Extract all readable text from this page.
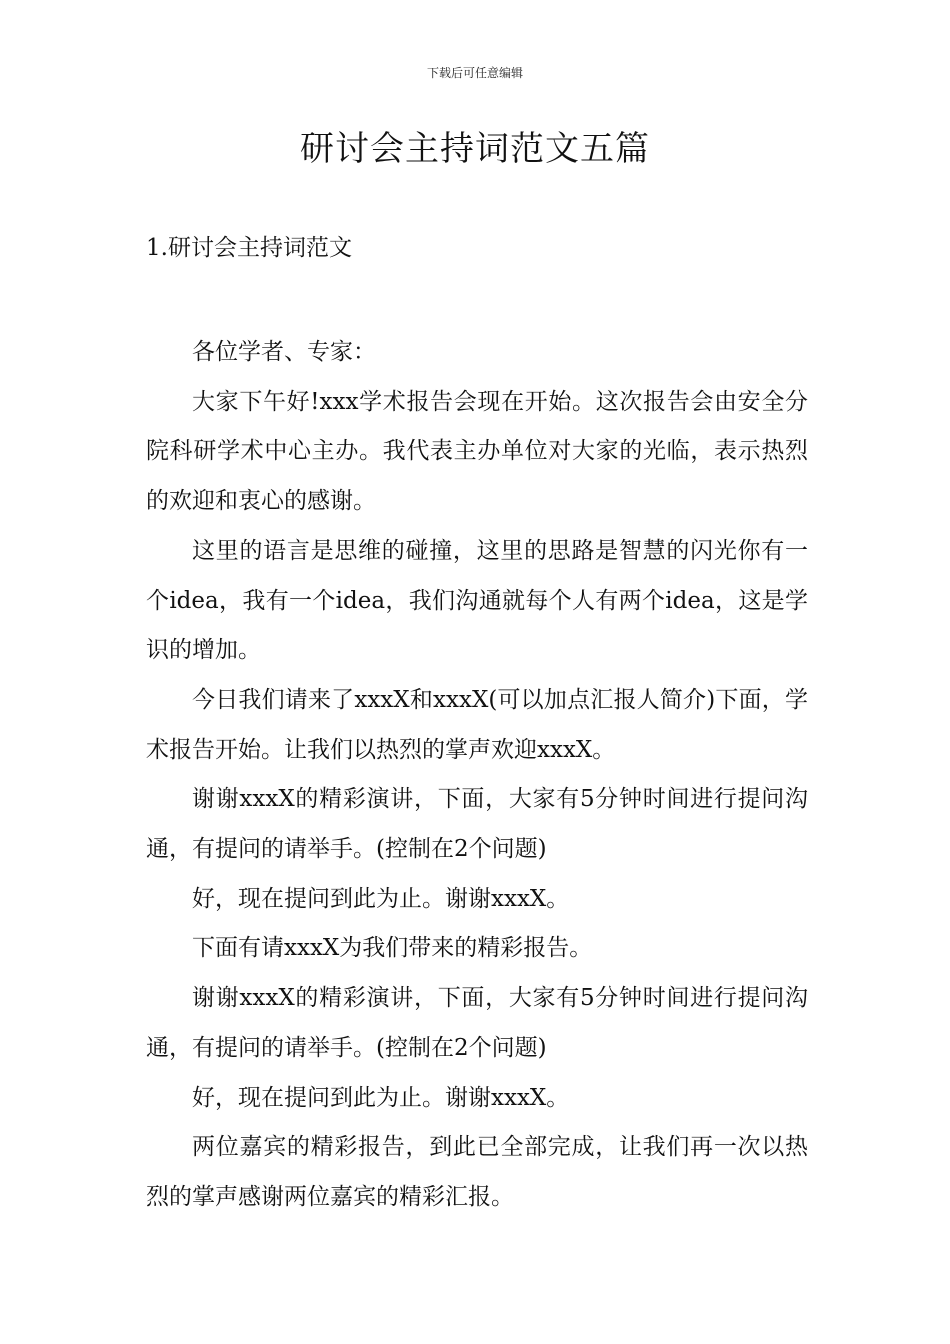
下载后可任意编辑
研讨会主持词范文五篇
1.研讨会主持词范文

各位学者、专家：

大家下午好!xxx学术报告会现在开始。这次报告会由安全分院科研学术中心主办。我代表主办单位对大家的光临，表示热烈的欢迎和衷心的感谢。

这里的语言是思维的碰撞，这里的思路是智慧的闪光你有一个idea，我有一个idea，我们沟通就每个人有两个idea，这是学识的增加。

今日我们请来了xxxX和xxxX(可以加点汇报人简介)下面，学术报告开始。让我们以热烈的掌声欢迎xxxX。

谢谢xxxX的精彩演讲，下面，大家有5分钟时间进行提问沟通，有提问的请举手。(控制在2个问题)

好，现在提问到此为止。谢谢xxxX。

下面有请xxxX为我们带来的精彩报告。

谢谢xxxX的精彩演讲，下面，大家有5分钟时间进行提问沟通，有提问的请举手。(控制在2个问题)

好，现在提问到此为止。谢谢xxxX。

两位嘉宾的精彩报告，到此已全部完成，让我们再一次以热烈的掌声感谢两位嘉宾的精彩汇报。
